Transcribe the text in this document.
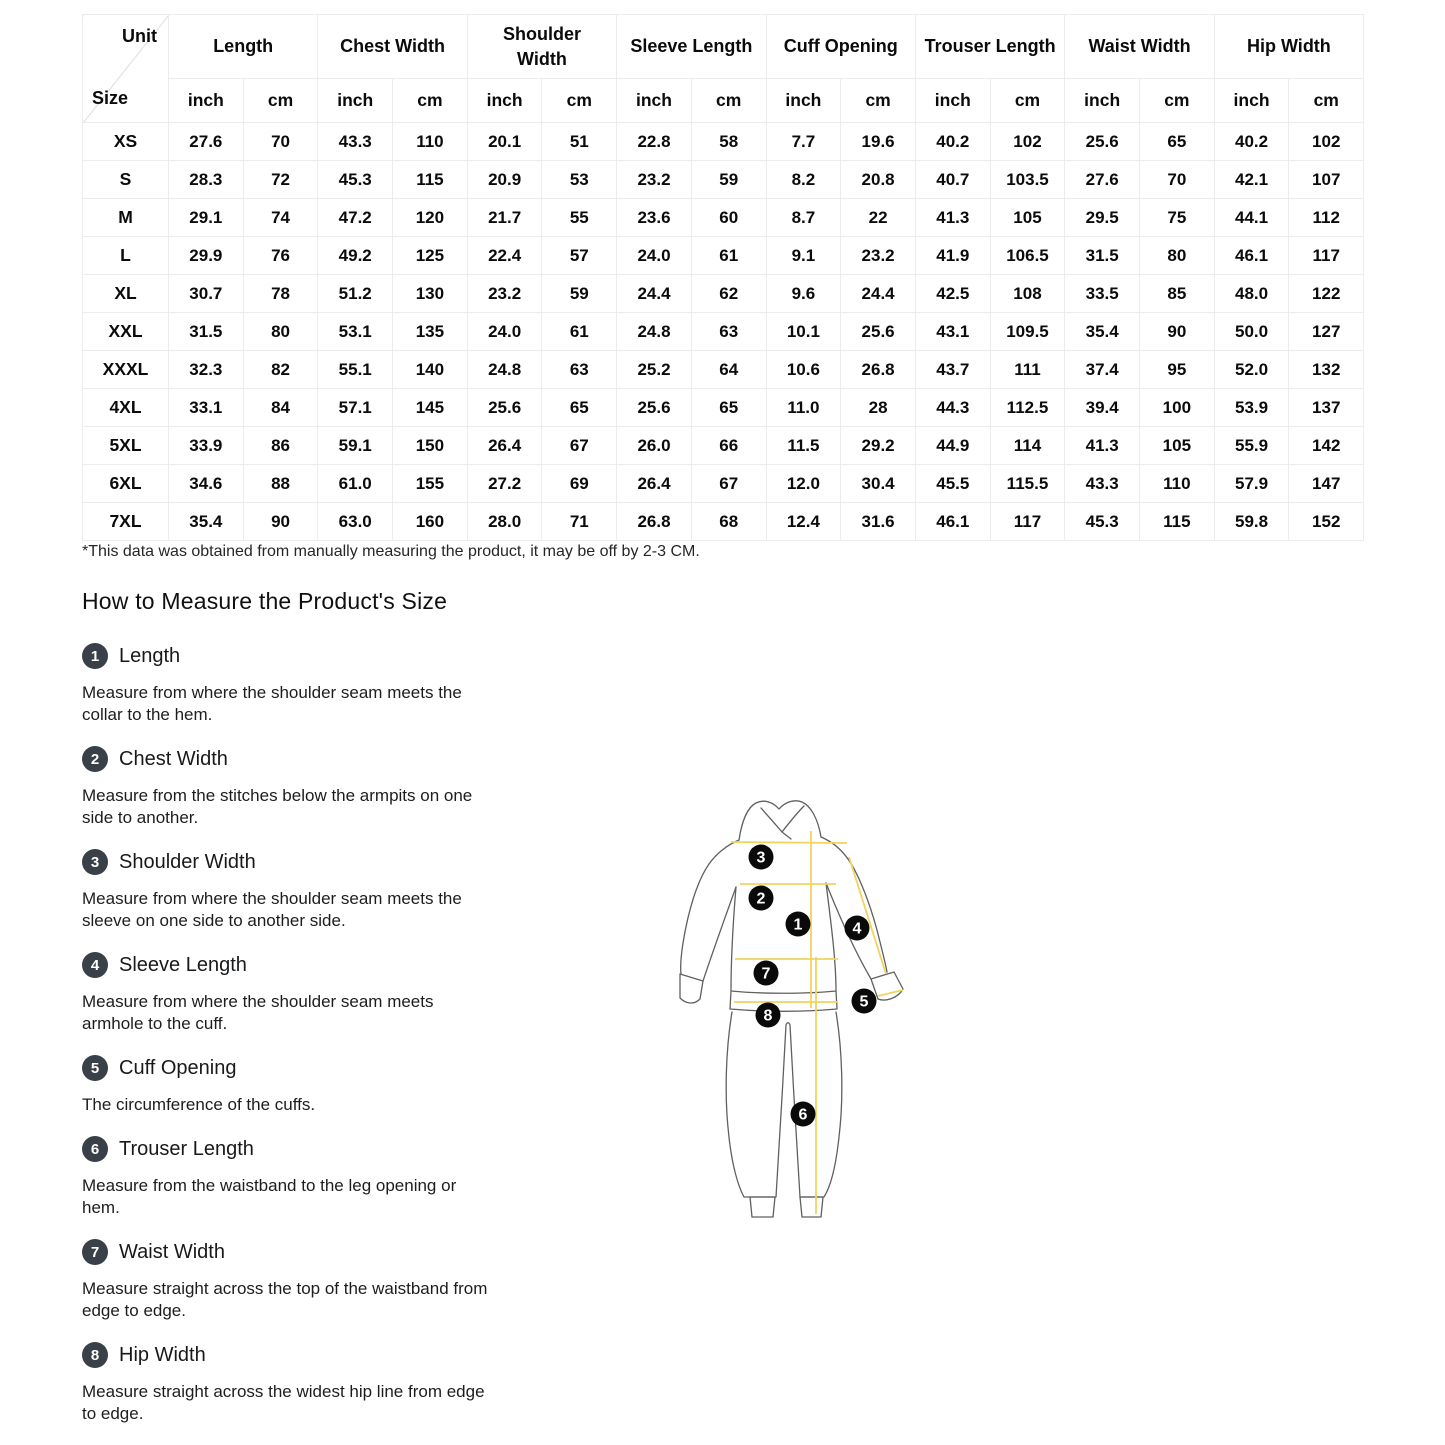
Unit
Size	Length		Chest Width		Shoulder Width		Sleeve Length		Cuff Opening		Trouser Length		Waist Width		Hip Width	
	inch	cm	inch	cm	inch	cm	inch	cm	inch	cm	inch	cm	inch	cm	inch	cm
XS	27.6	70	43.3	110	20.1	51	22.8	58	7.7	19.6	40.2	102	25.6	65	40.2	102
S	28.3	72	45.3	115	20.9	53	23.2	59	8.2	20.8	40.7	103.5	27.6	70	42.1	107
M	29.1	74	47.2	120	21.7	55	23.6	60	8.7	22	41.3	105	29.5	75	44.1	112
L	29.9	76	49.2	125	22.4	57	24.0	61	9.1	23.2	41.9	106.5	31.5	80	46.1	117
XL	30.7	78	51.2	130	23.2	59	24.4	62	9.6	24.4	42.5	108	33.5	85	48.0	122
XXL	31.5	80	53.1	135	24.0	61	24.8	63	10.1	25.6	43.1	109.5	35.4	90	50.0	127
XXXL	32.3	82	55.1	140	24.8	63	25.2	64	10.6	26.8	43.7	111	37.4	95	52.0	132
4XL	33.1	84	57.1	145	25.6	65	25.6	65	11.0	28	44.3	112.5	39.4	100	53.9	137
5XL	33.9	86	59.1	150	26.4	67	26.0	66	11.5	29.2	44.9	114	41.3	105	55.9	142
6XL	34.6	88	61.0	155	27.2	69	26.4	67	12.0	30.4	45.5	115.5	43.3	110	57.9	147
7XL	35.4	90	63.0	160	28.0	71	26.8	68	12.4	31.6	46.1	117	45.3	115	59.8	152

*This data was obtained from manually measuring the product, it may be off by 2-3 CM.

How to Measure the Product's Size
1 Length
Measure from where the shoulder seam meets the
collar to the hem.
2 Chest Width
Measure from the stitches below the armpits on one
side to another.
3 Shoulder Width
Measure from where the shoulder seam meets the
sleeve on one side to another side.
4 Sleeve Length
Measure from where the shoulder seam meets
armhole to the cuff.
5 Cuff Opening
The circumference of the cuffs.
6 Trouser Length
Measure from the waistband to the leg opening or
hem.
7 Waist Width
Measure straight across the top of the waistband from
edge to edge.
8 Hip Width
Measure straight across the widest hip line from edge
to edge.
1
2
3
4
5
6
7
8
